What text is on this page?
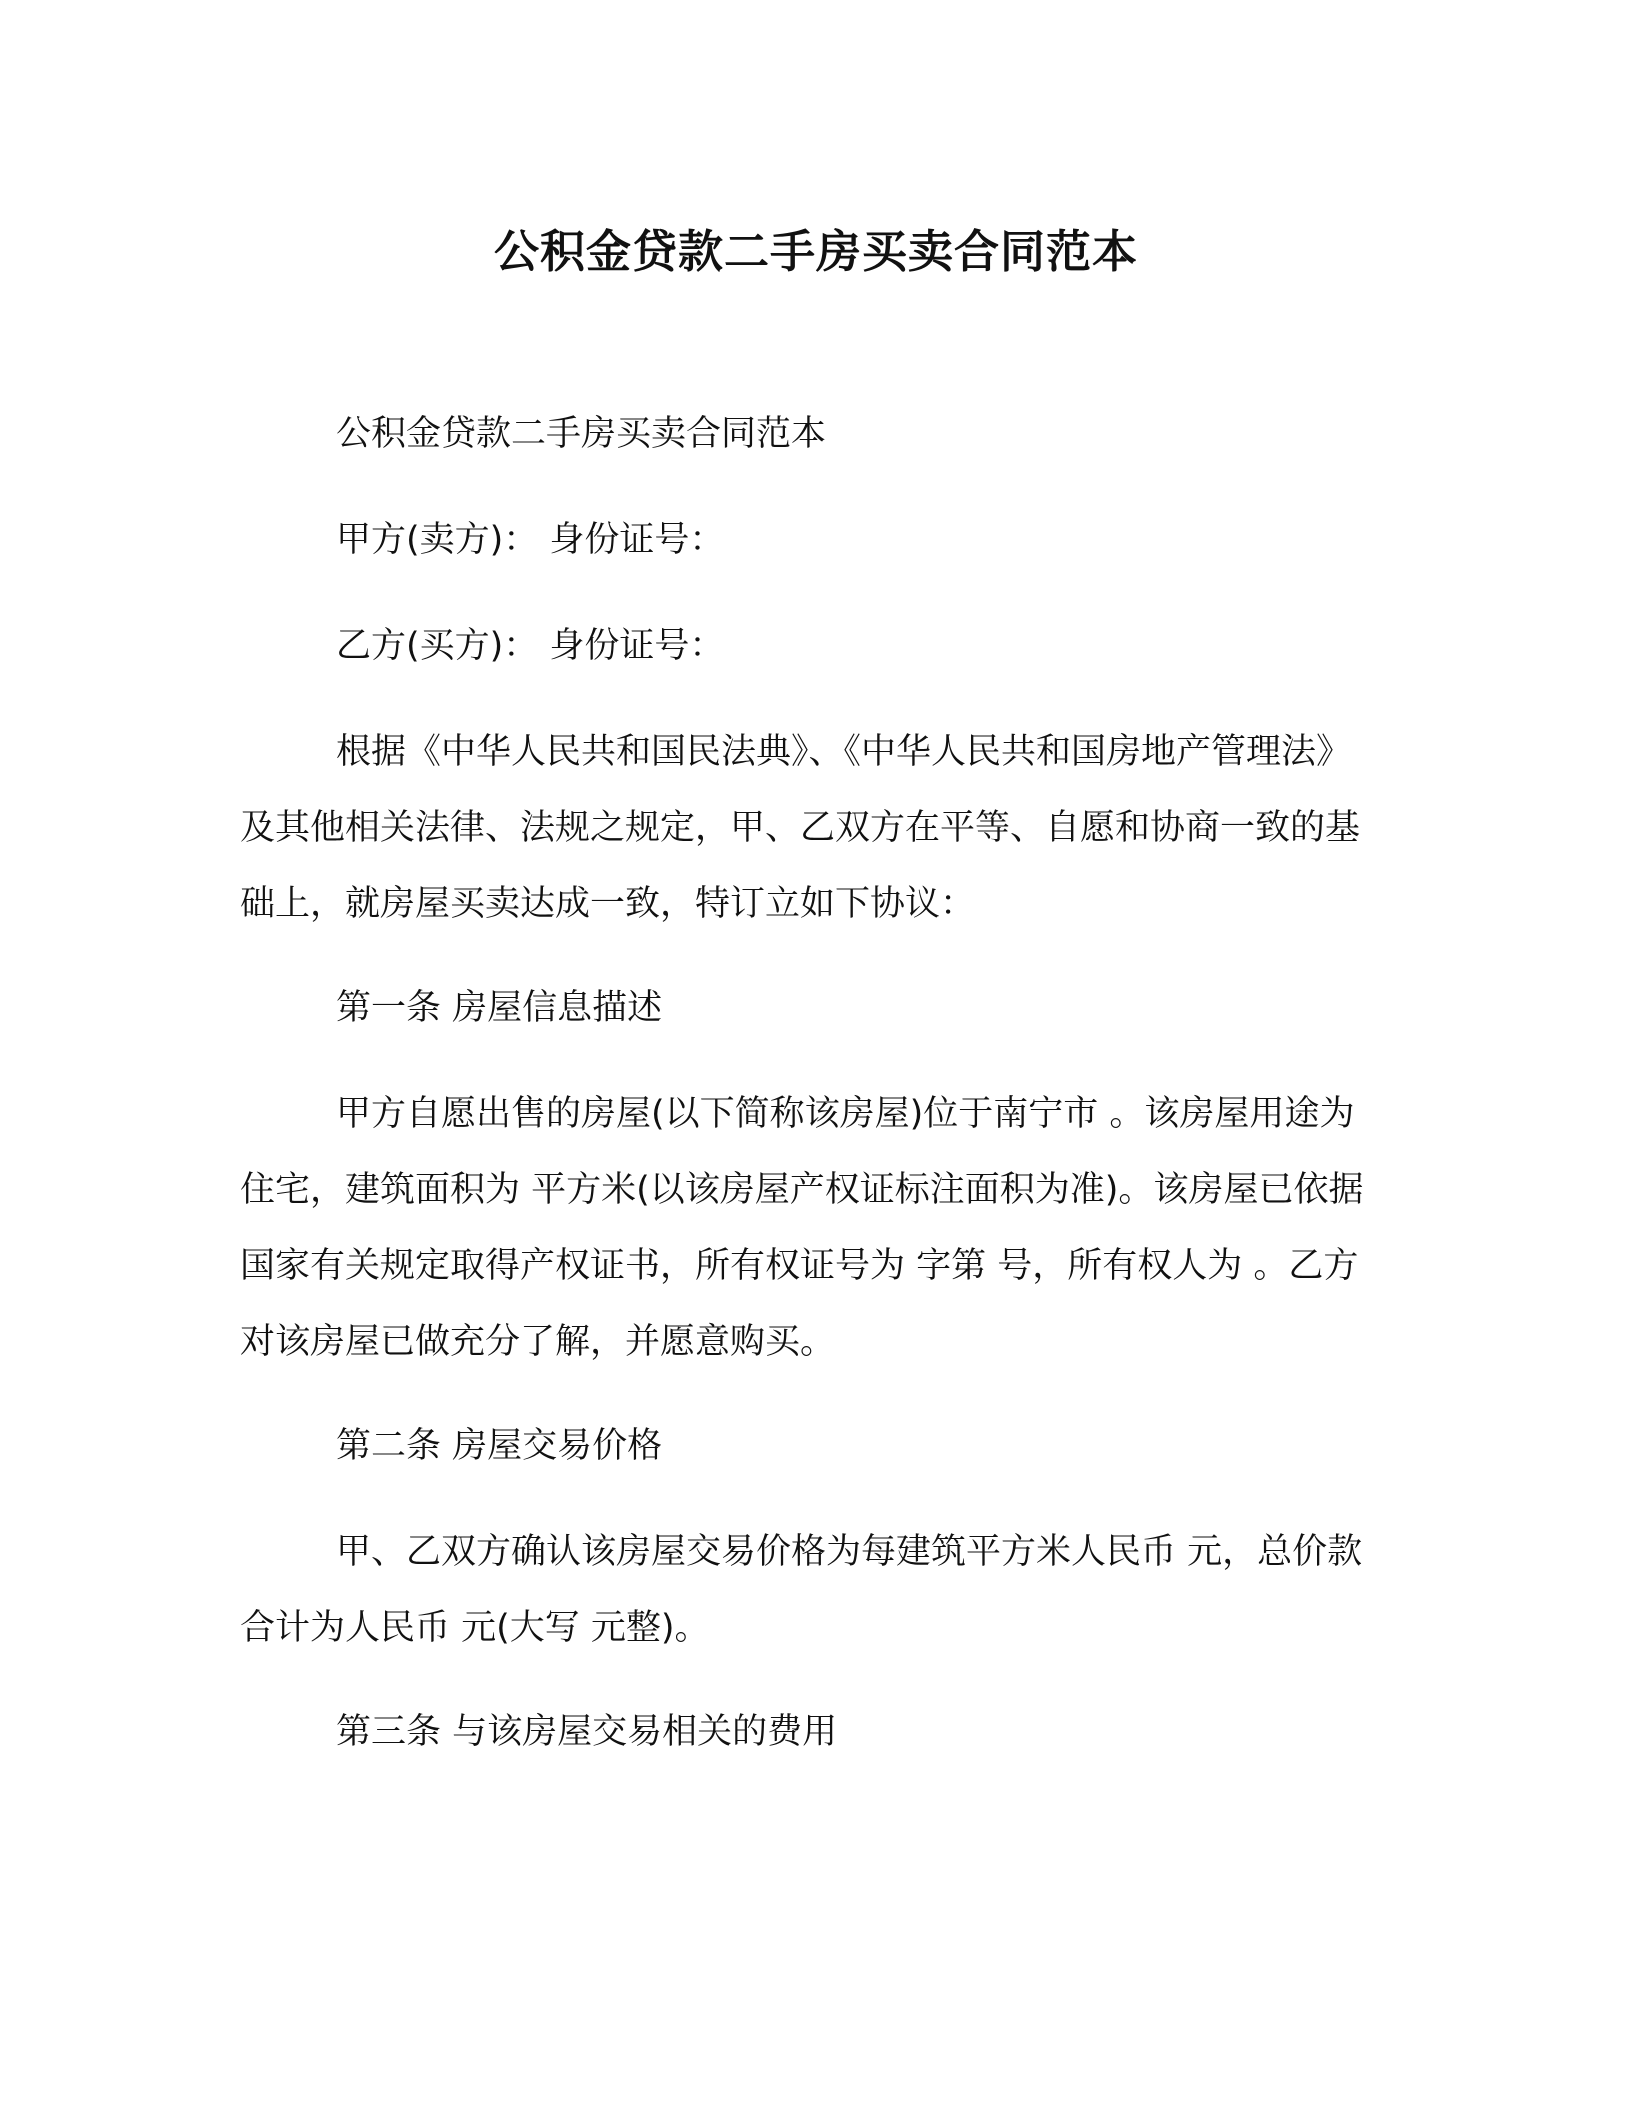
公积金贷款二手房买卖合同范本

公积金贷款二手房买卖合同范本

甲方(卖方)： 身份证号：

乙方(买方)： 身份证号：

根据《中华人民共和国民法典》、《中华人民共和国房地产管理法》及其他相关法律、法规之规定，甲、乙双方在平等、自愿和协商一致的基础上，就房屋买卖达成一致，特订立如下协议：

第一条 房屋信息描述

甲方自愿出售的房屋(以下简称该房屋)位于南宁市 。该房屋用途为住宅，建筑面积为 平方米(以该房屋产权证标注面积为准)。该房屋已依据国家有关规定取得产权证书，所有权证号为 字第 号，所有权人为 。乙方对该房屋已做充分了解，并愿意购买。

第二条 房屋交易价格

甲、乙双方确认该房屋交易价格为每建筑平方米人民币 元，总价款合计为人民币 元(大写 元整)。

第三条 与该房屋交易相关的费用
